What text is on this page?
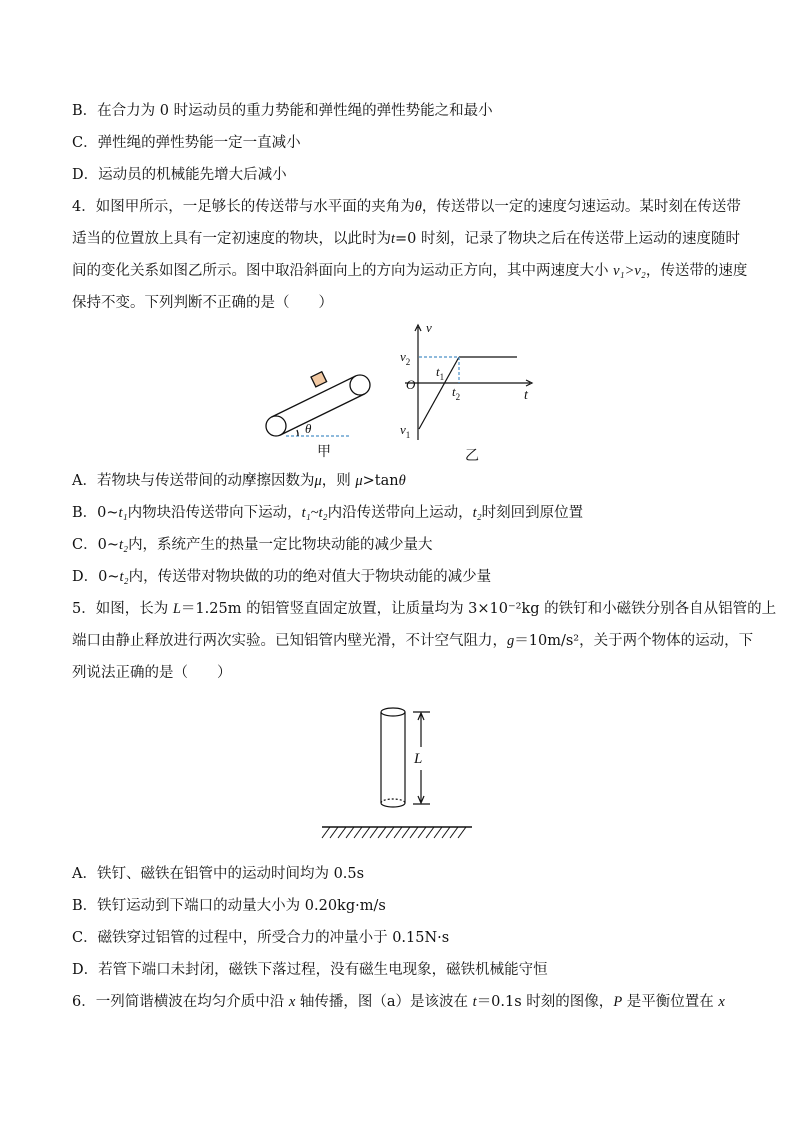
B．在合力为 0 时运动员的重力势能和弹性绳的弹性势能之和最小
C．弹性绳的弹性势能一定一直减小
D．运动员的机械能先增大后减小
4．如图甲所示，一足够长的传送带与水平面的夹角为θ，传送带以一定的速度匀速运动。某时刻在传送带
适当的位置放上具有一定初速度的物块，以此时为t=0 时刻，记录了物块之后在传送带上运动的速度随时
间的变化关系如图乙所示。图中取沿斜面向上的方向为运动正方向，其中两速度大小 v₁>v₂，传送带的速度
保持不变。下列判断不正确的是（　　）
θ
甲
v
t
O
$v_2$
$v_1$
$t_1$
$t_2$
乙
A．若物块与传送带间的动摩擦因数为μ，则 μ>tanθ
B．0~t₁内物块沿传送带向下运动，t₁~t₂内沿传送带向上运动，t₂时刻回到原位置
C．0~t₂内，系统产生的热量一定比物块动能的减少量大
D．0~t₂内，传送带对物块做的功的绝对值大于物块动能的减少量
5．如图，长为 L＝1.25m 的铝管竖直固定放置，让质量均为 3×10⁻²kg 的铁钉和小磁铁分别各自从铝管的上
端口由静止释放进行两次实验。已知铝管内壁光滑，不计空气阻力，g＝10m/s²，关于两个物体的运动，下
列说法正确的是（　　）
L
A．铁钉、磁铁在铝管中的运动时间均为 0.5s
B．铁钉运动到下端口的动量大小为 0.20kg·m/s
C．磁铁穿过铝管的过程中，所受合力的冲量小于 0.15N·s
D．若管下端口未封闭，磁铁下落过程，没有磁生电现象，磁铁机械能守恒
6．一列简谐横波在均匀介质中沿 x 轴传播，图（a）是该波在 t＝0.1s 时刻的图像，P 是平衡位置在 x
